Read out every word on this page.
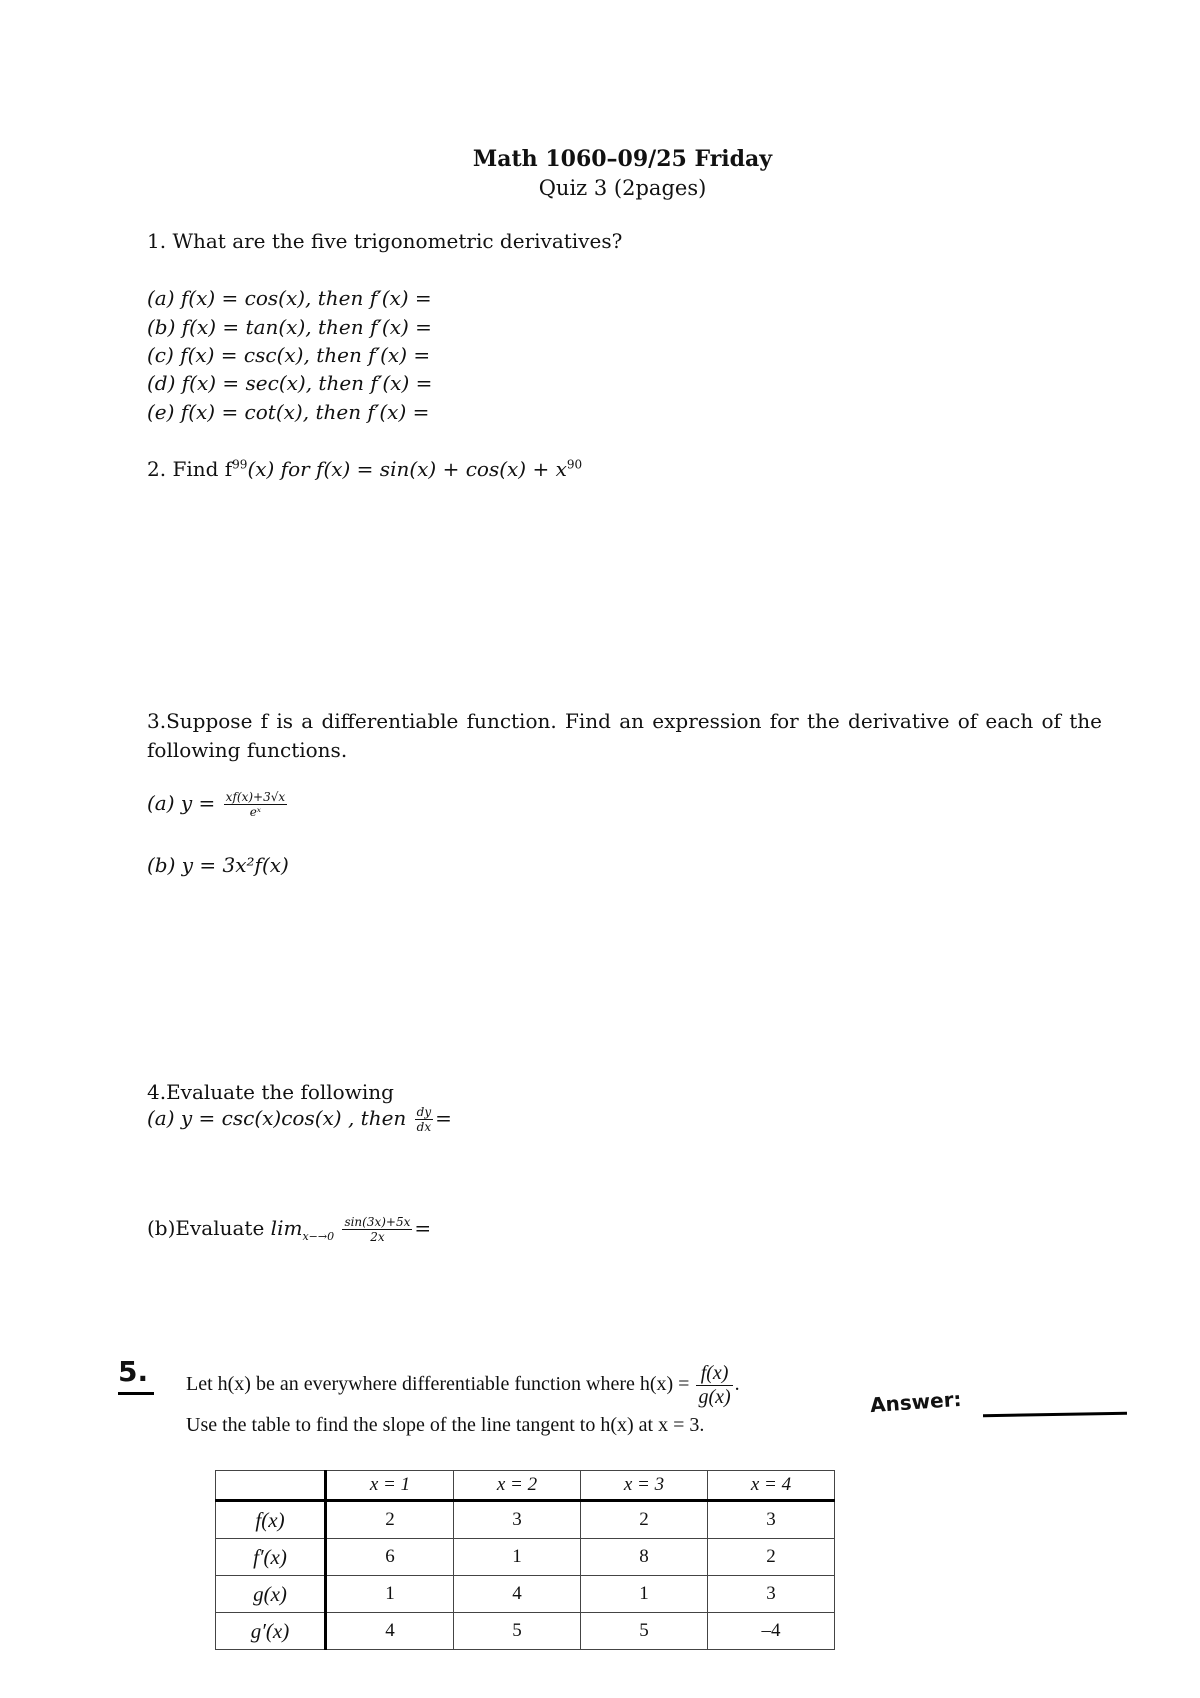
Math 1060–09/25 Friday
Quiz 3 (2pages)
1. What are the five trigonometric derivatives?
(a) f(x) = cos(x), then f′(x) =
(b) f(x) = tan(x), then f′(x) =
(c) f(x) = csc(x), then f′(x) =
(d) f(x) = sec(x), then f′(x) =
(e) f(x) = cot(x), then f′(x) =
2. Find $f^{99}(x)$ for $f(x) = \sin(x) + \cos(x) + x^{90}$
3.Suppose f is a differentiable function. Find an expression for the derivative of each of the following functions.
(a) $y = \frac{xf(x)+3√x}{\text{eˣ}}$
(b) y = 3x²f(x)
4.Evaluate the following
(a) y = csc(x)cos(x) , then $\frac{dy}{dx}$ =
(b)Evaluate $\lim_{x-\to 0} \frac{\sin(3x)+5x}{2x}$ =
5. Let h(x) be an everywhere differentiable function where $h(x) = \frac{f(x)}{g(x)}$ .
Use the table to find the slope of the line tangent to h(x) at x = 3.
Answer:
	x = 1	x = 2	x = 3	x = 4
f(x)	2	3	2	3
f′(x)	6	1	8	2
g(x)	1	4	1	3
g′(x)	4	5	5	–4
